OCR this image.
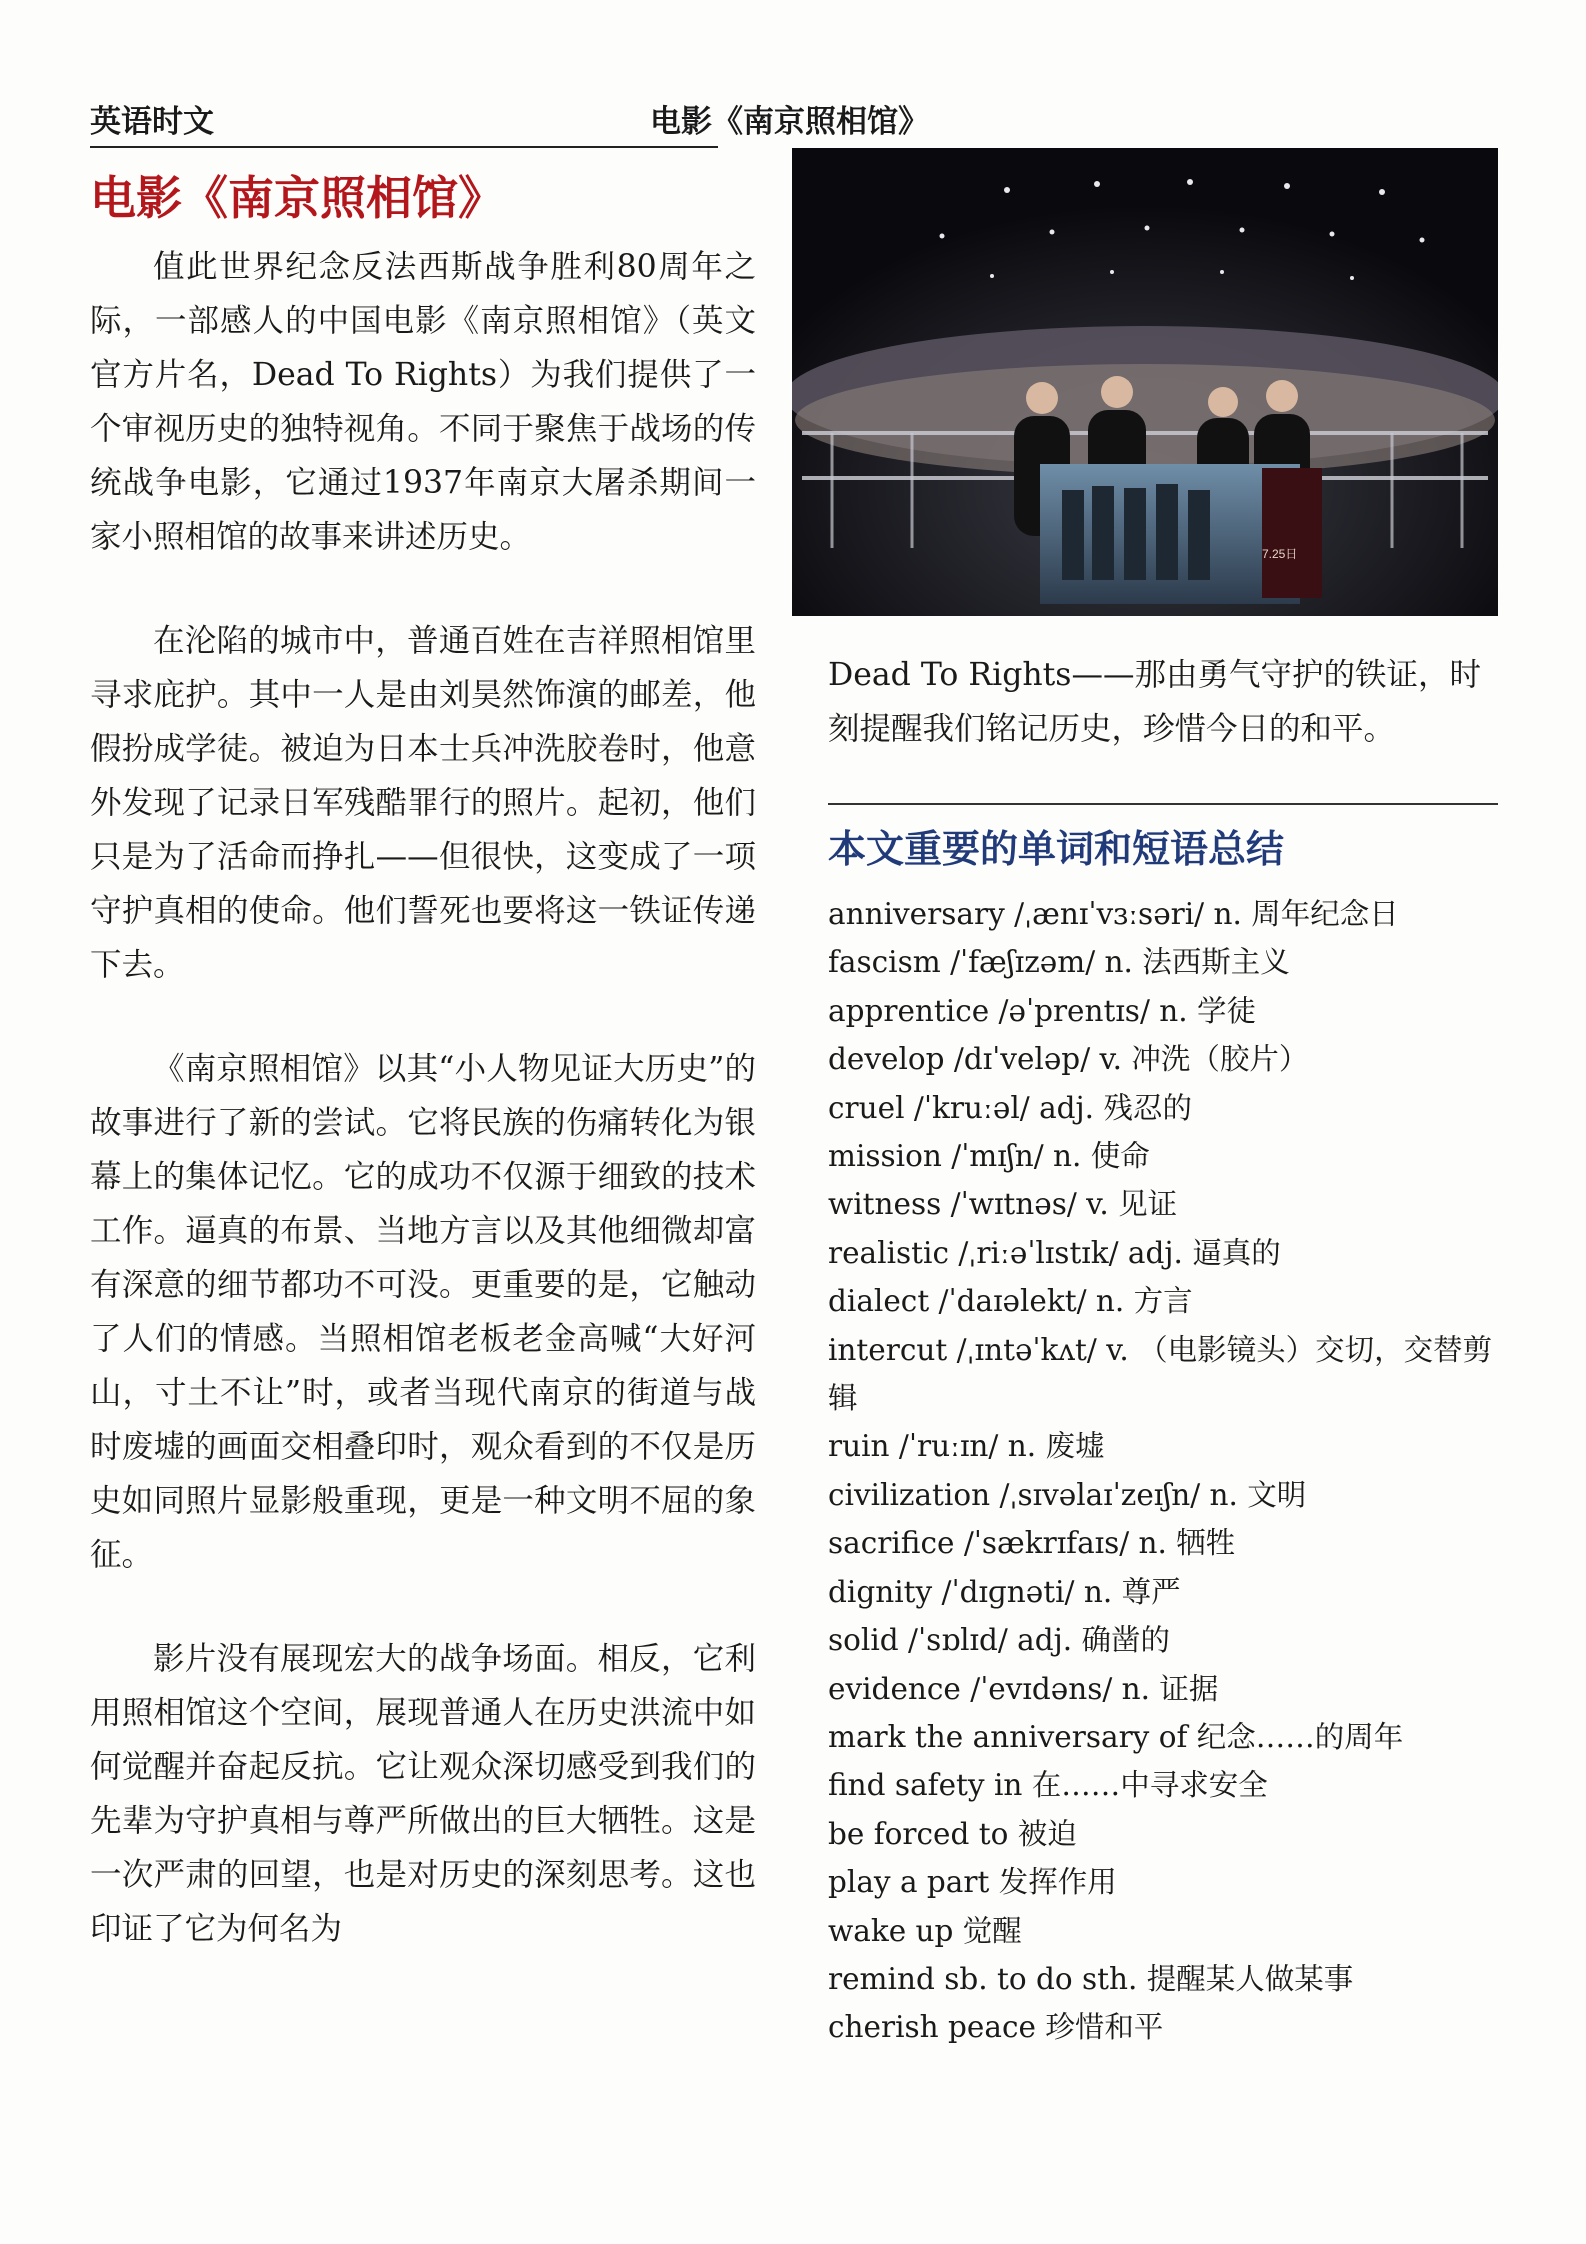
英语时文	电影《南京照相馆》
电影《南京照相馆》

值此世界纪念反法西斯战争胜利80周年之际，一部感人的中国电影《南京照相馆》（英文官方片名，Dead To Rights）为我们提供了一个审视历史的独特视角。不同于聚焦于战场的传统战争电影，它通过1937年南京大屠杀期间一家小照相馆的故事来讲述历史。

在沦陷的城市中，普通百姓在吉祥照相馆里寻求庇护。其中一人是由刘昊然饰演的邮差，他假扮成学徒。被迫为日本士兵冲洗胶卷时，他意外发现了记录日军残酷罪行的照片。起初，他们只是为了活命而挣扎——但很快，这变成了一项守护真相的使命。他们誓死也要将这一铁证传递下去。

《南京照相馆》以其“小人物见证大历史”的故事进行了新的尝试。它将民族的伤痛转化为银幕上的集体记忆。它的成功不仅源于细致的技术工作。逼真的布景、当地方言以及其他细微却富有深意的细节都功不可没。更重要的是，它触动了人们的情感。当照相馆老板老金高喊“大好河山，寸土不让”时，或者当现代南京的街道与战时废墟的画面交相叠印时，观众看到的不仅是历史如同照片显影般重现，更是一种文明不屈的象征。

影片没有展现宏大的战争场面。相反，它利用照相馆这个空间，展现普通人在历史洪流中如何觉醒并奋起反抗。它让观众深切感受到我们的先辈为守护真相与尊严所做出的巨大牺牲。这是一次严肃的回望，也是对历史的深刻思考。这也印证了它为何名为

7.25日

Dead To Rights——那由勇气守护的铁证，时刻提醒我们铭记历史，珍惜今日的和平。

本文重要的单词和短语总结
anniversary /ˌænɪˈvɜːsəri/ n. 周年纪念日
fascism /ˈfæʃɪzəm/ n. 法西斯主义
apprentice /əˈprentɪs/ n. 学徒
develop /dɪˈveləp/ v. 冲洗（胶片）
cruel /ˈkruːəl/ adj. 残忍的
mission /ˈmɪʃn/ n. 使命
witness /ˈwɪtnəs/ v. 见证
realistic /ˌriːəˈlɪstɪk/ adj. 逼真的
dialect /ˈdaɪəlekt/ n. 方言
intercut /ˌɪntəˈkʌt/ v. （电影镜头）交切，交替剪辑
ruin /ˈruːɪn/ n. 废墟
civilization /ˌsɪvəlaɪˈzeɪʃn/ n. 文明
sacrifice /ˈsækrɪfaɪs/ n. 牺牲
dignity /ˈdɪɡnəti/ n. 尊严
solid /ˈsɒlɪd/ adj. 确凿的
evidence /ˈevɪdəns/ n. 证据
mark the anniversary of 纪念……的周年
find safety in 在……中寻求安全
be forced to 被迫
play a part 发挥作用
wake up 觉醒
remind sb. to do sth. 提醒某人做某事
cherish peace 珍惜和平
